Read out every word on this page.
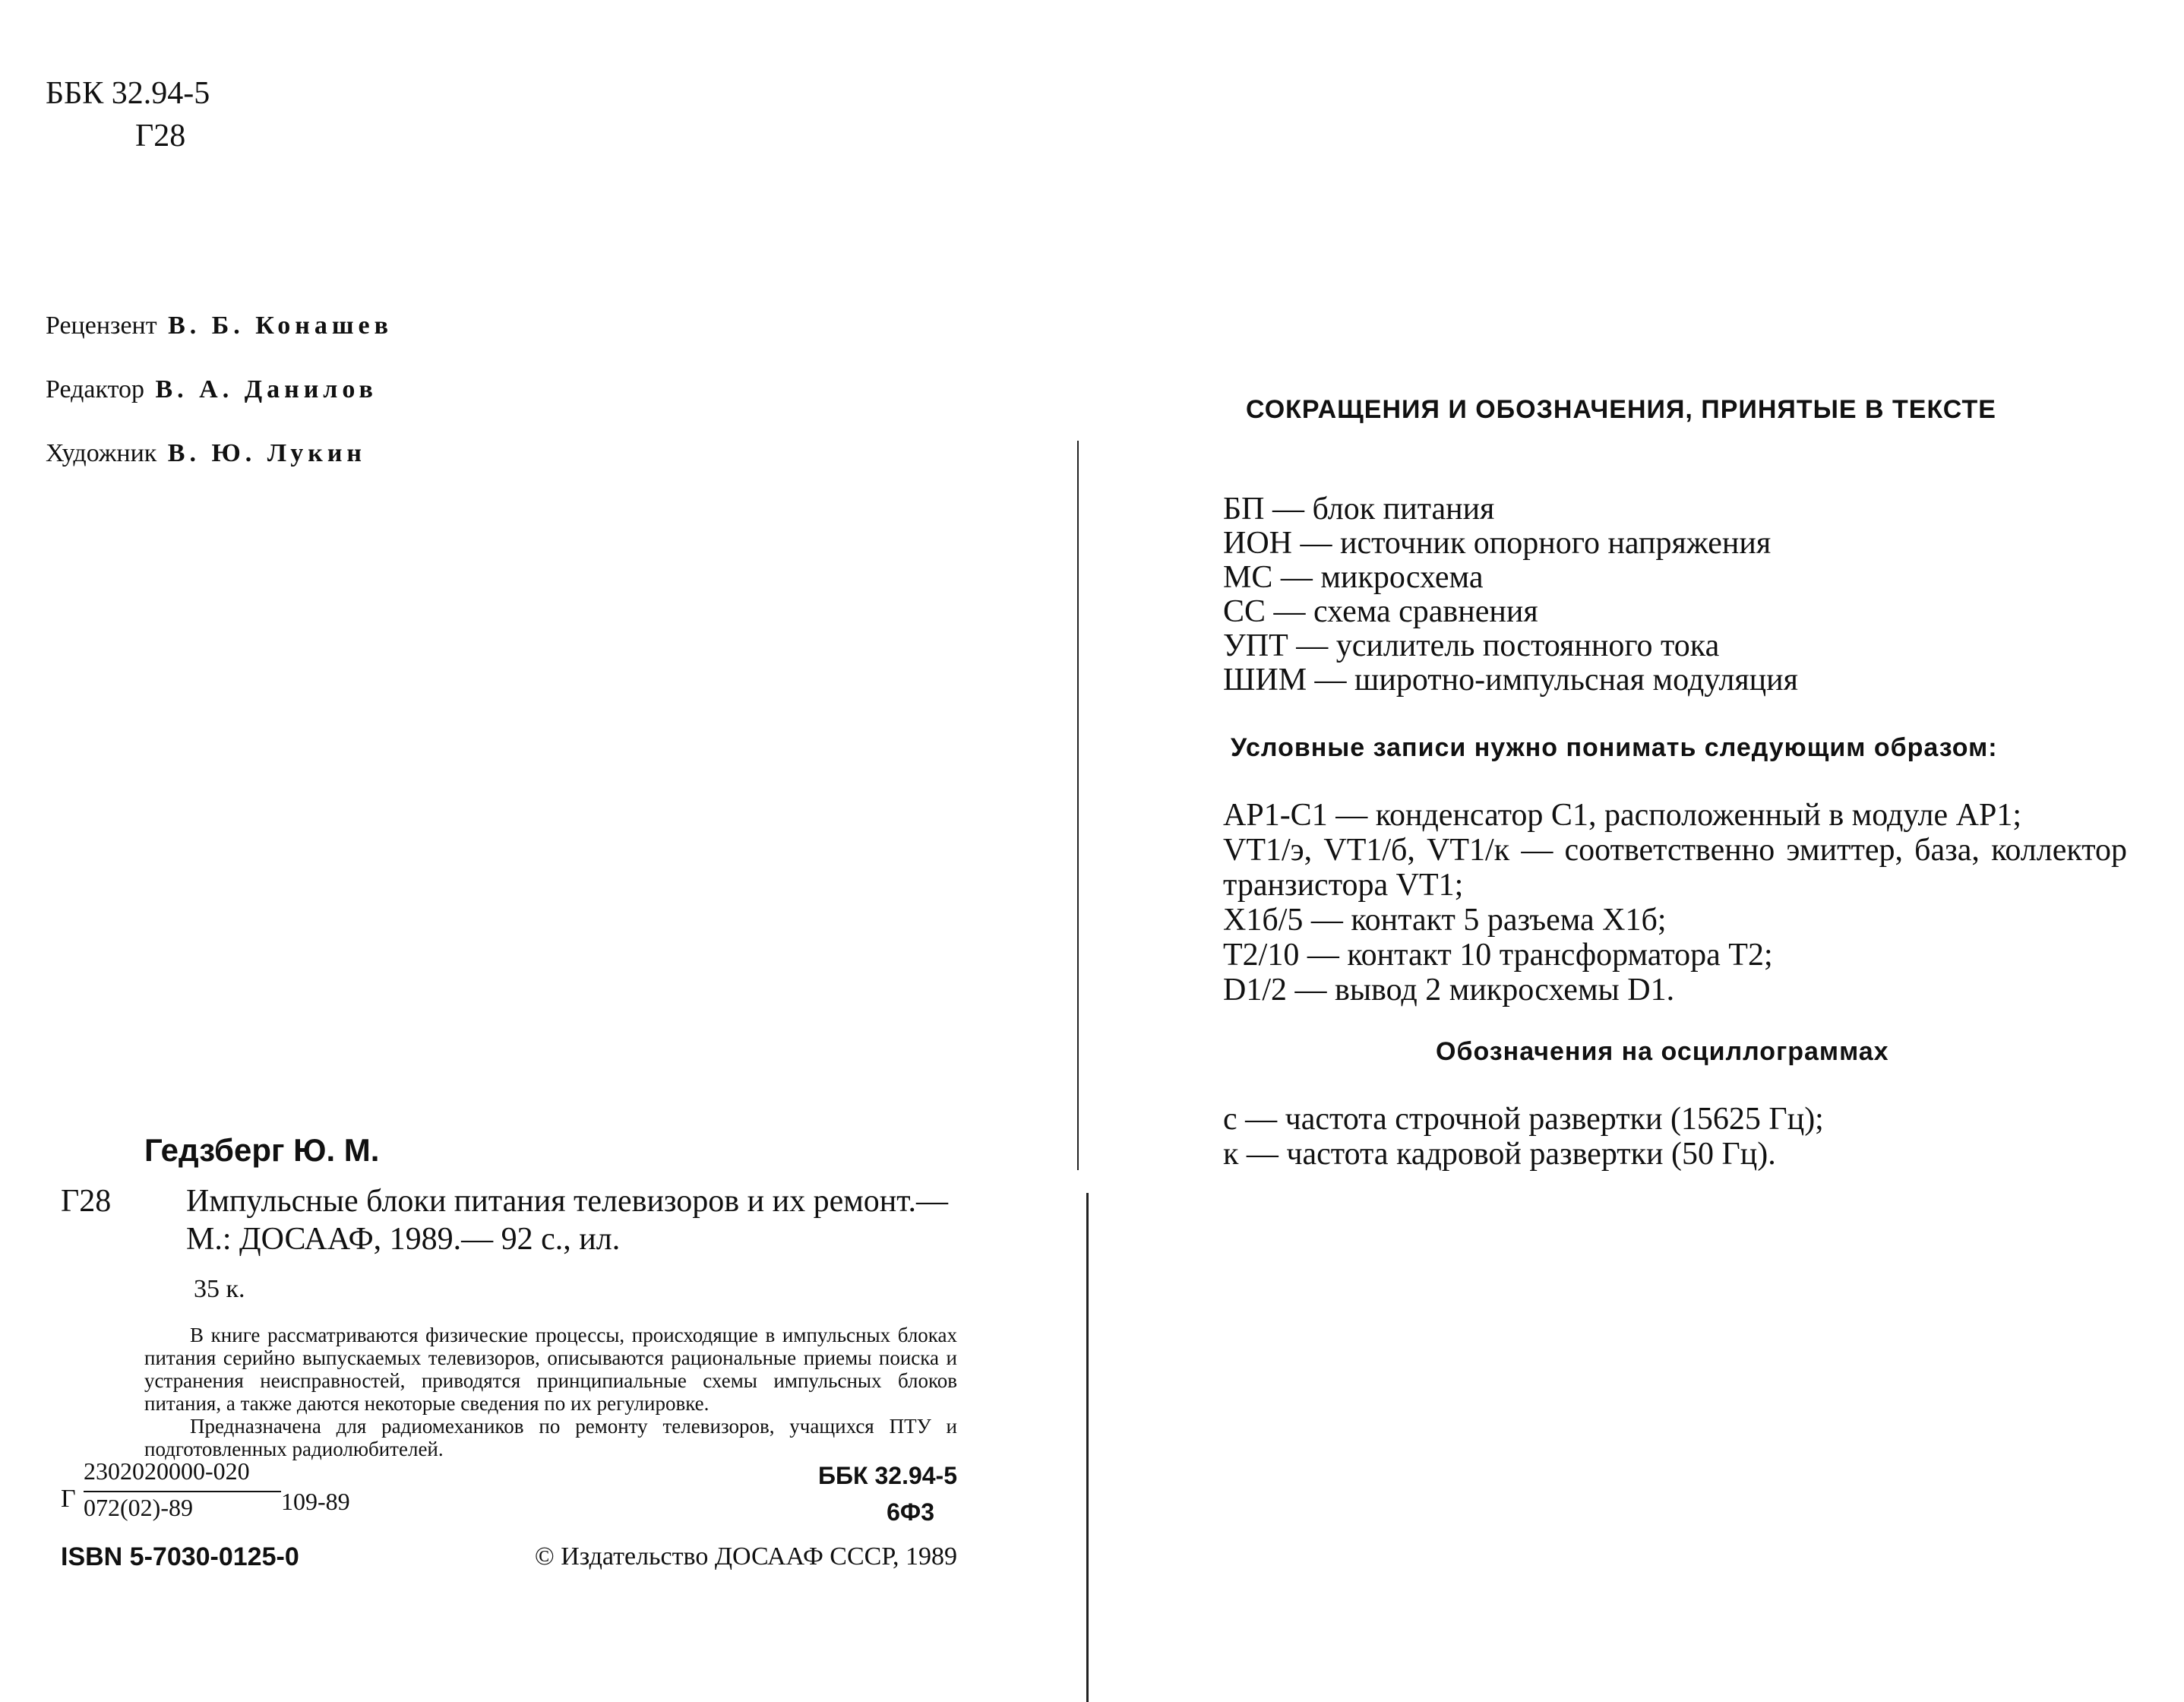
ББК 32.94-5
Г28
Рецензент В. Б. Конашев
Редактор В. А. Данилов
Художник В. Ю. Лукин
Гедзберг Ю. М.
Г28 Импульсные блоки питания телевизоров и их ремонт.— М.: ДОСААФ, 1989.— 92 с., ил.
35 к.

В книге рассматриваются физические процессы, происходящие в импульсных блоках питания серийно выпускаемых телевизоров, описываются рациональные приемы поиска и устранения неисправностей, приводятся принципиальные схемы импульсных блоков питания, а также даются некоторые сведения по их регулировке.

Предназначена для радиомехаников по ремонту телевизоров, учащихся ПТУ и подготовленных радиолюбителей.

Г
2302020000-020
072(02)-89	109-89
ББК 32.94-5
6Ф3
ISBN 5-7030-0125-0	© Издательство ДОСААФ СССР, 1989
СОКРАЩЕНИЯ И ОБОЗНАЧЕНИЯ, ПРИНЯТЫЕ В ТЕКСТЕ
БП — блок питания
ИОН — источник опорного напряжения
МС — микросхема
СС — схема сравнения
УПТ — усилитель постоянного тока
ШИМ — широтно-импульсная модуляция
Условные записи нужно понимать следующим образом:
АР1-С1 — конденсатор С1, расположенный в модуле АР1;
VT1/э, VT1/б, VT1/к — соответственно эмиттер, база, коллектор транзистора VT1;
Х1б/5 — контакт 5 разъема Х1б;
Т2/10 — контакт 10 трансформатора Т2;
D1/2 — вывод 2 микросхемы D1.
Обозначения на осциллограммах
с — частота строчной развертки (15625 Гц);
к — частота кадровой развертки (50 Гц).
